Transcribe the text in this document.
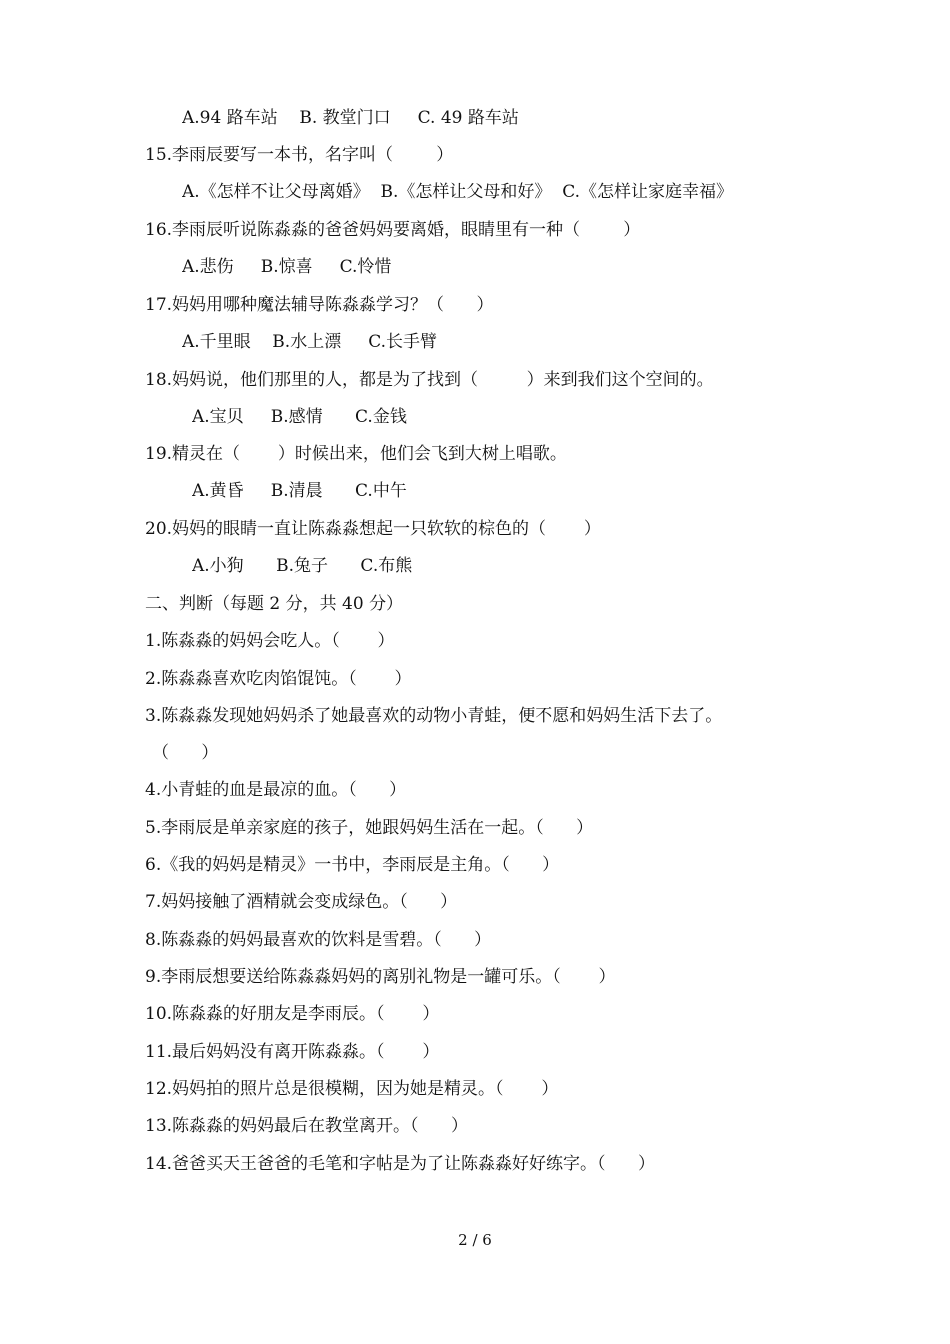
A.94 路车站    B. 教堂门口     C. 49 路车站
15.李雨辰要写一本书，名字叫（        ）
A.《怎样不让父母离婚》  B.《怎样让父母和好》  C.《怎样让家庭幸福》
16.李雨辰听说陈淼淼的爸爸妈妈要离婚，眼睛里有一种（        ）
A.悲伤     B.惊喜     C.怜惜
17.妈妈用哪种魔法辅导陈淼淼学习？（      ）
A.千里眼    B.水上漂     C.长手臂
18.妈妈说，他们那里的人，都是为了找到（         ）来到我们这个空间的。
A.宝贝     B.感情      C.金钱
19.精灵在（       ）时候出来，他们会飞到大树上唱歌。
A.黄昏     B.清晨      C.中午
20.妈妈的眼睛一直让陈淼淼想起一只软软的棕色的（       ）
A.小狗      B.兔子      C.布熊
二、判断（每题 2 分，共 40 分）
1.陈淼淼的妈妈会吃人。（       ）
2.陈淼淼喜欢吃肉馅馄饨。（       ）
3.陈淼淼发现她妈妈杀了她最喜欢的动物小青蛙，便不愿和妈妈生活下去了。
（      ）
4.小青蛙的血是最凉的血。（      ）
5.李雨辰是单亲家庭的孩子，她跟妈妈生活在一起。（      ）
6.《我的妈妈是精灵》一书中，李雨辰是主角。（      ）
7.妈妈接触了酒精就会变成绿色。（      ）
8.陈淼淼的妈妈最喜欢的饮料是雪碧。（      ）
9.李雨辰想要送给陈淼淼妈妈的离别礼物是一罐可乐。（       ）
10.陈淼淼的好朋友是李雨辰。（       ）
11.最后妈妈没有离开陈淼淼。（       ）
12.妈妈拍的照片总是很模糊，因为她是精灵。（       ）
13.陈淼淼的妈妈最后在教堂离开。（      ）
14.爸爸买天王爸爸的毛笔和字帖是为了让陈淼淼好好练字。（      ）
2 / 6
